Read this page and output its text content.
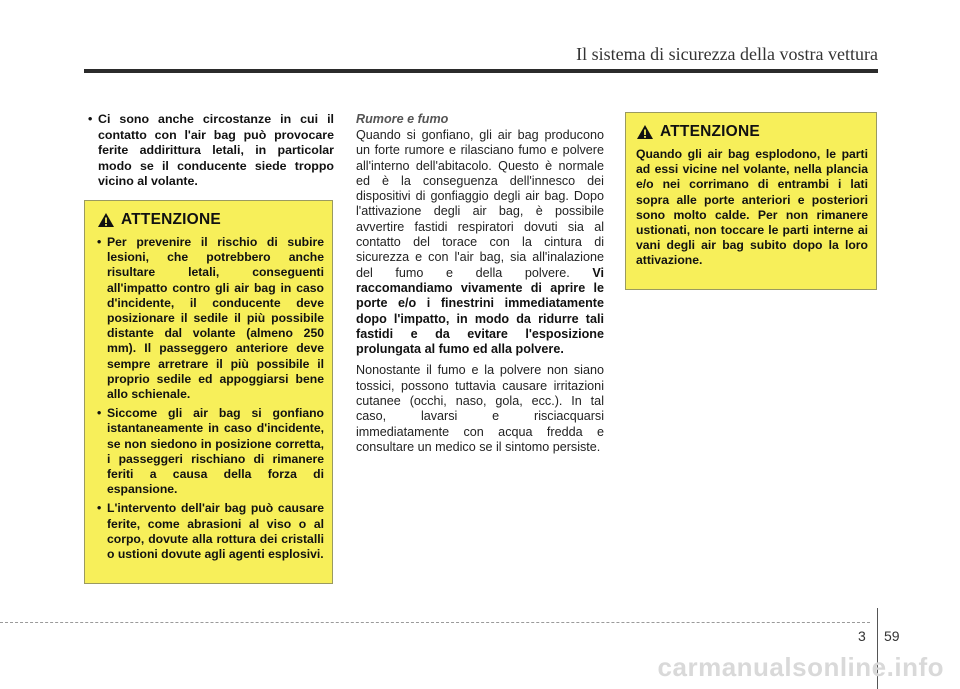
Il sistema di sicurezza della vostra vettura

• Ci sono anche circostanze in cui il contatto con l'air bag può provocare ferite addirittura letali, in particolar modo se il conducente siede troppo vicino al volante.

ATTENZIONE
• Per prevenire il rischio di subire lesioni, che potrebbero anche risultare letali, conseguenti all'impatto contro gli air bag in caso d'incidente, il conducente deve posizionare il sedile il più possibile distante dal volante (almeno 250 mm). Il passeggero anteriore deve sempre arretrare il più possibile il proprio sedile ed appoggiarsi bene allo schienale.
• Siccome gli air bag si gonfiano istantaneamente in caso d'incidente, se non siedono in posizione corretta, i passeggeri rischiano di rimanere feriti a causa della forza di espansione.
• L'intervento dell'air bag può causare ferite, come abrasioni al viso o al corpo, dovute alla rottura dei cristalli o ustioni dovute agli agenti esplosivi.

Rumore e fumo

Quando si gonfiano, gli air bag producono un forte rumore e rilasciano fumo e polvere all'interno dell'abitacolo. Questo è normale ed è la conseguenza dell'innesco dei dispositivi di gonfiaggio degli air bag. Dopo l'attivazione degli air bag, è possibile avvertire fastidi respiratori dovuti sia al contatto del torace con la cintura di sicurezza e con l'air bag, sia all'inalazione del fumo e della polvere. Vi raccomandiamo vivamente di aprire le porte e/o i finestrini immediatamente dopo l'impatto, in modo da ridurre tali fastidi e da evitare l'esposizione prolungata al fumo ed alla polvere.

Nonostante il fumo e la polvere non siano tossici, possono tuttavia causare irritazioni cutanee (occhi, naso, gola, ecc.). In tal caso, lavarsi e risciacquarsi immediatamente con acqua fredda e consultare un medico se il sintomo persiste.

ATTENZIONE

Quando gli air bag esplodono, le parti ad essi vicine nel volante, nella plancia e/o nei corrimano di entrambi i lati sopra alle porte anteriori e posteriori sono molto calde. Per non rimanere ustionati, non toccare le parti interne ai vani degli air bag subito dopo la loro attivazione.

3 59
carmanualsonline.info
